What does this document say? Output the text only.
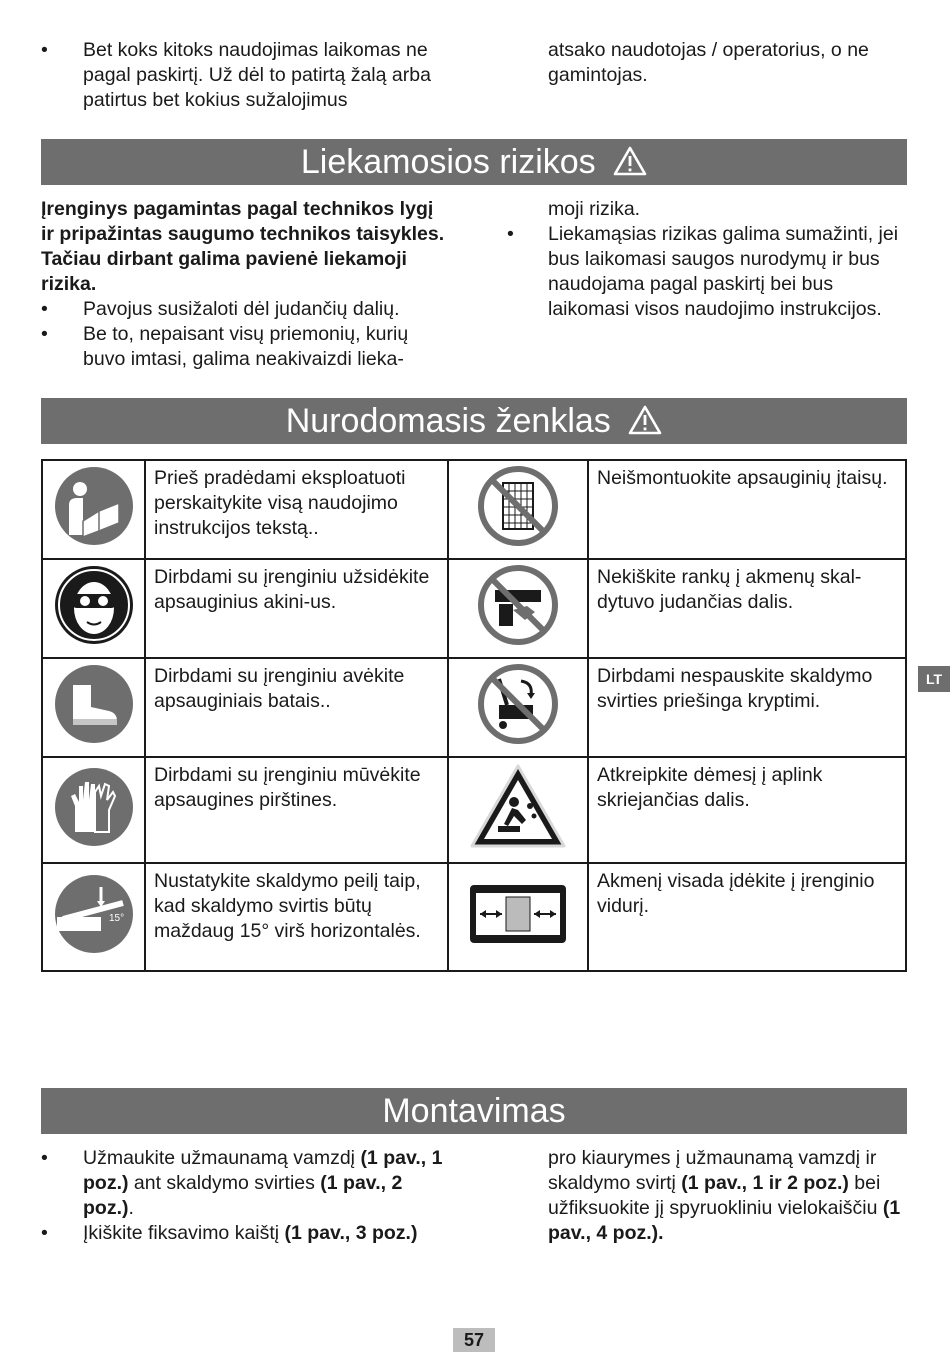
• Bet koks kitoks naudojimas laikomas ne pagal paskirtį. Už dėl to patirtą žalą arba patirtus bet kokius sužalojimus
atsako naudotojas / operatorius, o ne gamintojas.
Liekamosios rizikos
Įrenginys pagamintas pagal technikos lygį ir pripažintas saugumo technikos taisykles. Tačiau dirbant galima pavienė liekamoji rizika.
• Pavojus susižaloti dėl judančių dalių.
• Be to, nepaisant visų priemonių, kurių buvo imtasi, galima neakivaizdi lieka-
moji rizika.
• Liekamąsias rizikas galima sumažinti, jei bus laikomasi saugos nurodymų ir bus naudojama pagal paskirtį bei bus laikomasi visos naudojimo instrukcijos.
Nurodomasis ženklas
	Prieš pradėdami eksploatuoti perskaitykite visą naudojimo instrukcijos tekstą..		Neišmontuokite apsauginių įtaisų.
	Dirbdami su įrenginiu užsidėkite apsauginius akini-us.		Nekiškite rankų į akmenų skal-dytuvo judančias dalis.
	Dirbdami su įrenginiu avėkite apsauginiais batais..		Dirbdami nespauskite skaldymo svirties priešinga kryptimi.
	Dirbdami su įrenginiu mūvėkite apsaugines pirštines.		Atkreipkite dėmesį į aplink skriejančias dalis.

15°	Nustatykite skaldymo peilį taip, kad skaldymo svirtis būtų maždaug 15° virš horizontalės.		Akmenį visada įdėkite į įrenginio vidurį.
LT
Montavimas
• Užmaukite užmaunamą vamzdį (1 pav., 1 poz.) ant skaldymo svirties (1 pav., 2 poz.).
• Įkiškite fiksavimo kaištį (1 pav., 3 poz.)
pro kiaurymes į užmaunamą vamzdį ir skaldymo svirtį (1 pav., 1 ir 2 poz.) bei užfiksuokite jį spyruokliniu vielokaiščiu (1 pav., 4 poz.).
57
